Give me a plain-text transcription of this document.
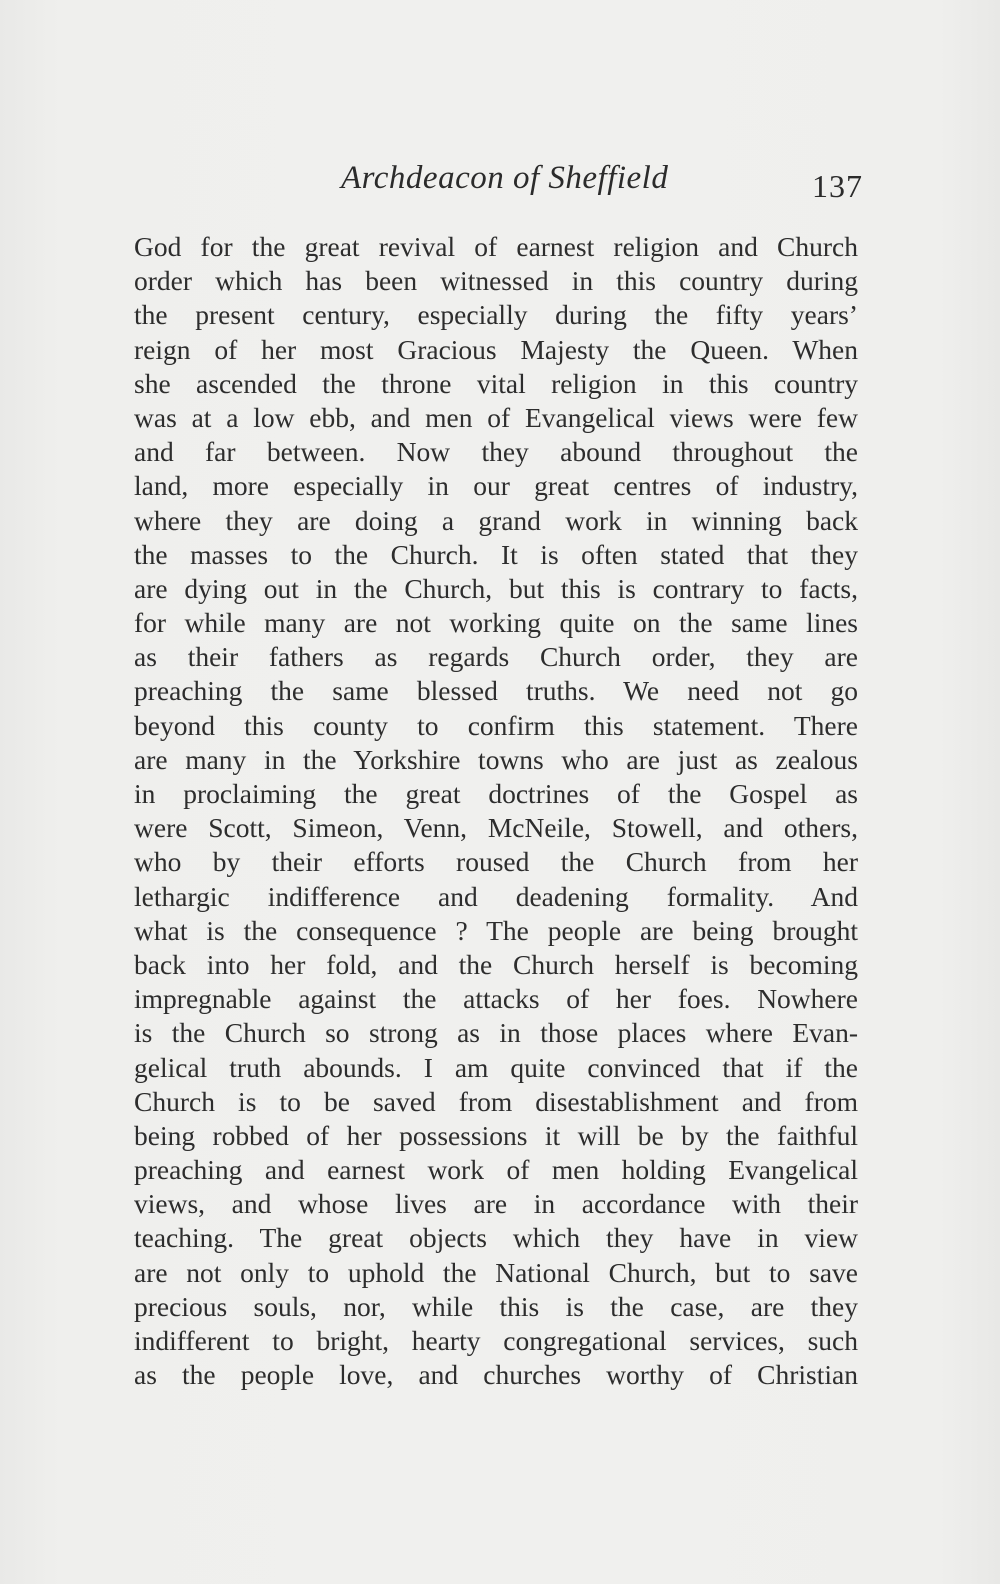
Archdeacon of Sheffield	137
God for the great revival of earnest religion and Church
order which has been witnessed in this country during
the present century, especially during the fifty years’
reign of her most Gracious Majesty the Queen. When
she ascended the throne vital religion in this country
was at a low ebb, and men of Evangelical views were few
and far between. Now they abound throughout the
land, more especially in our great centres of industry,
where they are doing a grand work in winning back
the masses to the Church. It is often stated that they
are dying out in the Church, but this is contrary to facts,
for while many are not working quite on the same lines
as their fathers as regards Church order, they are
preaching the same blessed truths. We need not go
beyond this county to confirm this statement. There
are many in the Yorkshire towns who are just as zealous
in proclaiming the great doctrines of the Gospel as
were Scott, Simeon, Venn, McNeile, Stowell, and others,
who by their efforts roused the Church from her
lethargic indifference and deadening formality. And
what is the consequence ? The people are being brought
back into her fold, and the Church herself is becoming
impregnable against the attacks of her foes. Nowhere
is the Church so strong as in those places where Evan-
gelical truth abounds. I am quite convinced that if the
Church is to be saved from disestablishment and from
being robbed of her possessions it will be by the faithful
preaching and earnest work of men holding Evangelical
views, and whose lives are in accordance with their
teaching. The great objects which they have in view
are not only to uphold the National Church, but to save
precious souls, nor, while this is the case, are they
indifferent to bright, hearty congregational services, such
as the people love, and churches worthy of Christian
